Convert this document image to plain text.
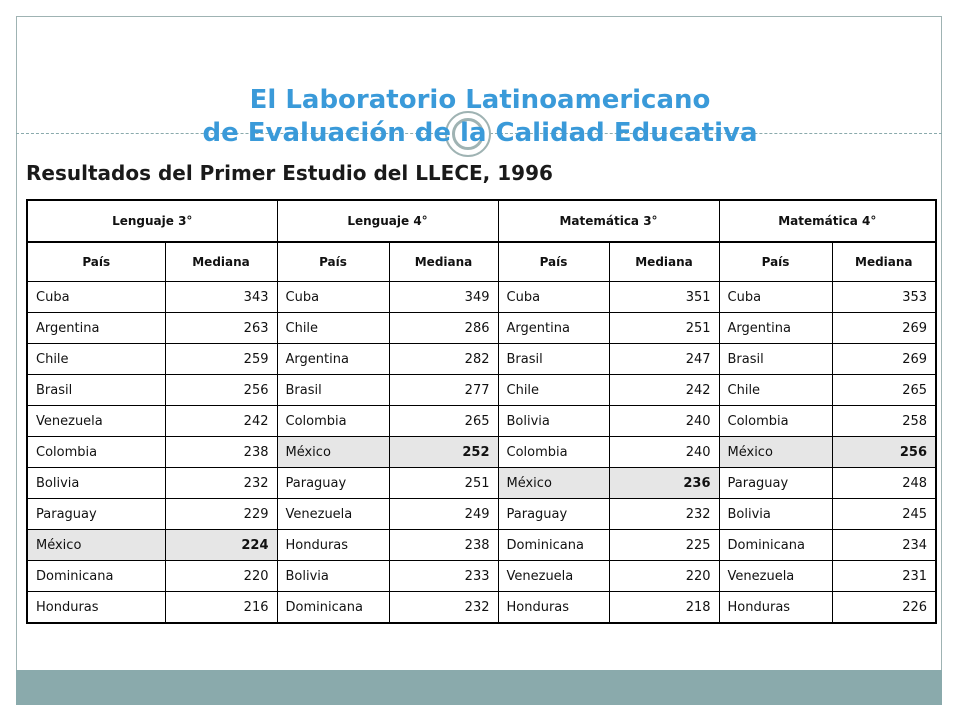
El Laboratorio Latinoamericano
de Evaluación de la Calidad Educativa
Resultados del Primer Estudio del LLECE, 1996
Lenguaje 3°		Lenguaje 4°		Matemática 3°		Matemática 4°	
País	Mediana	País	Mediana	País	Mediana	País	Mediana
Cuba	343	Cuba	349	Cuba	351	Cuba	353
Argentina	263	Chile	286	Argentina	251	Argentina	269
Chile	259	Argentina	282	Brasil	247	Brasil	269
Brasil	256	Brasil	277	Chile	242	Chile	265
Venezuela	242	Colombia	265	Bolivia	240	Colombia	258
Colombia	238	México	252	Colombia	240	México	256
Bolivia	232	Paraguay	251	México	236	Paraguay	248
Paraguay	229	Venezuela	249	Paraguay	232	Bolivia	245
México	224	Honduras	238	Dominicana	225	Dominicana	234
Dominicana	220	Bolivia	233	Venezuela	220	Venezuela	231
Honduras	216	Dominicana	232	Honduras	218	Honduras	226
